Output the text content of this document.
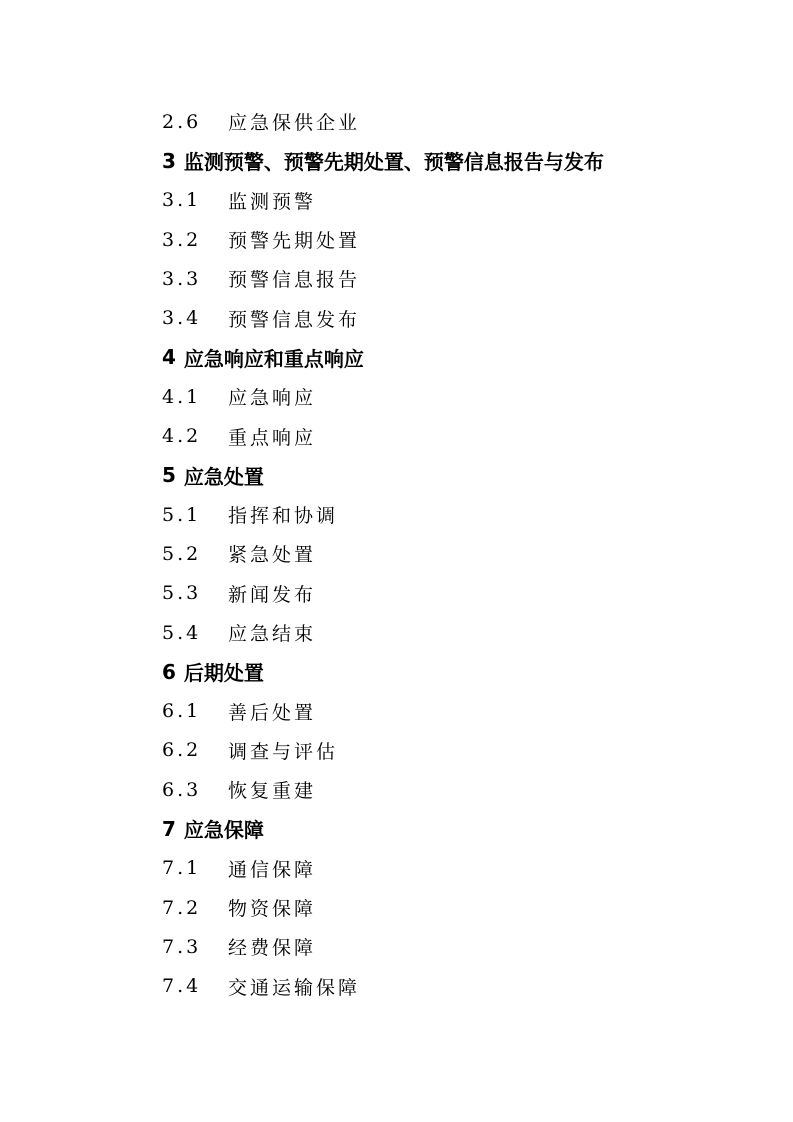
2.6	应急保供企业
3 监测预警、预警先期处置、预警信息报告与发布
3.1	监测预警
3.2	预警先期处置
3.3	预警信息报告
3.4	预警信息发布
4 应急响应和重点响应
4.1	应急响应
4.2	重点响应
5 应急处置
5.1	指挥和协调
5.2	紧急处置
5.3	新闻发布
5.4	应急结束
6 后期处置
6.1	善后处置
6.2	调查与评估
6.3	恢复重建
7 应急保障
7.1	通信保障
7.2	物资保障
7.3	经费保障
7.4	交通运输保障
